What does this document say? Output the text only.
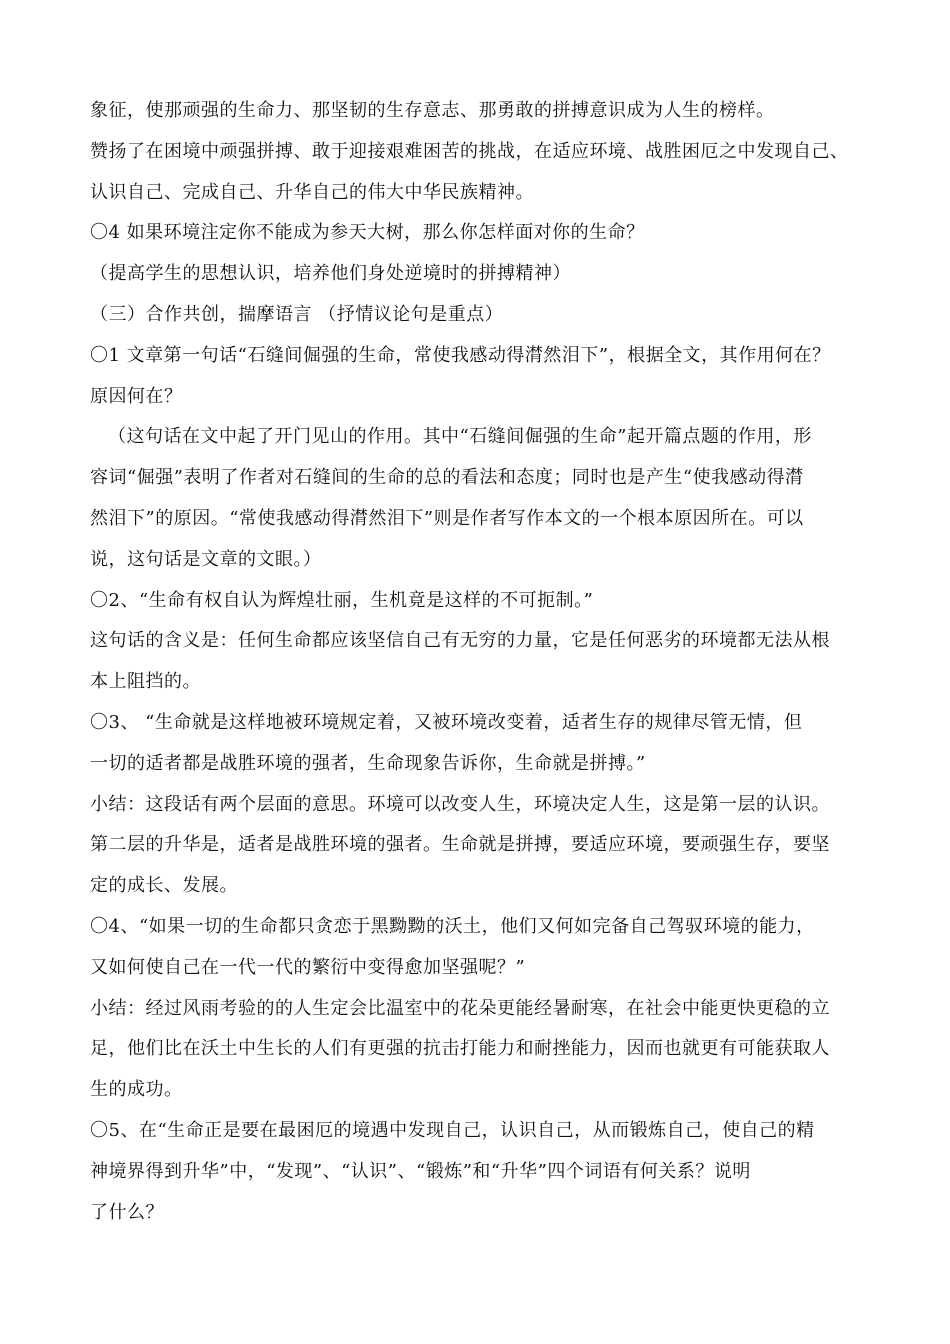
象征，使那顽强的生命力、那坚韧的生存意志、那勇敢的拼搏意识成为人生的榜样。
赞扬了在困境中顽强拼搏、敢于迎接艰难困苦的挑战，在适应环境、战胜困厄之中发现自己、
认识自己、完成自己、升华自己的伟大中华民族精神。
〇4 如果环境注定你不能成为参天大树，那么你怎样面对你的生命？
（提高学生的思想认识，培养他们身处逆境时的拼搏精神）
（三）合作共创，揣摩语言 （抒情议论句是重点）
〇1 文章第一句话“石缝间倔强的生命，常使我感动得潸然泪下”，根据全文，其作用何在？
原因何在？
（这句话在文中起了开门见山的作用。其中“石缝间倔强的生命”起开篇点题的作用，形
容词“倔强”表明了作者对石缝间的生命的总的看法和态度；同时也是产生“使我感动得潸
然泪下”的原因。“常使我感动得潸然泪下”则是作者写作本文的一个根本原因所在。可以
说，这句话是文章的文眼。）
〇2、“生命有权自认为辉煌壮丽，生机竟是这样的不可扼制。”
这句话的含义是：任何生命都应该坚信自己有无穷的力量，它是任何恶劣的环境都无法从根
本上阻挡的。
〇3、 “生命就是这样地被环境规定着，又被环境改变着，适者生存的规律尽管无情，但
一切的适者都是战胜环境的强者，生命现象告诉你，生命就是拼搏。”
小结：这段话有两个层面的意思。环境可以改变人生，环境决定人生，这是第一层的认识。
第二层的升华是，适者是战胜环境的强者。生命就是拼搏，要适应环境，要顽强生存，要坚
定的成长、发展。
〇4、“如果一切的生命都只贪恋于黑黝黝的沃土，他们又何如完备自己驾驭环境的能力，
又如何使自己在一代一代的繁衍中变得愈加坚强呢？”
小结：经过风雨考验的的人生定会比温室中的花朵更能经暑耐寒，在社会中能更快更稳的立
足，他们比在沃土中生长的人们有更强的抗击打能力和耐挫能力，因而也就更有可能获取人
生的成功。
〇5、在“生命正是要在最困厄的境遇中发现自己，认识自己，从而锻炼自己，使自己的精
神境界得到升华”中，“发现”、“认识”、“锻炼”和“升华”四个词语有何关系？说明
了什么？
